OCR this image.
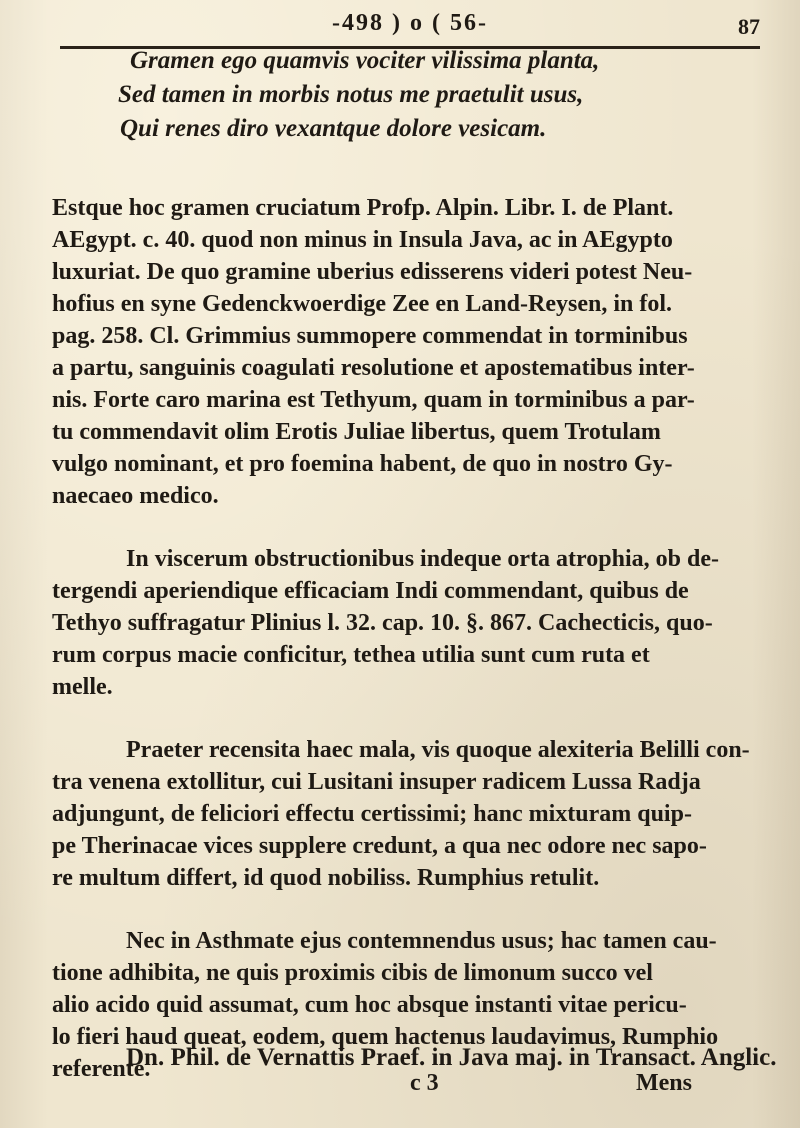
-498 ) o ( 56-	87
Gramen ego quamvis vociter vilissima planta,
Sed tamen in morbis notus me praetulit usus,
Qui renes diro vexantque dolore vesicam.
Estque hoc gramen cruciatum Profp. Alpin. Libr. I. de Plant.
AEgypt. c. 40. quod non minus in Insula Java, ac in AEgypto
luxuriat. De quo gramine uberius edisserens videri potest Neu-
hofius en syne Gedenckwoerdige Zee en Land-Reysen, in fol.
pag. 258. Cl. Grimmius summopere commendat in torminibus
a partu, sanguinis coagulati resolutione et apostematibus inter-
nis. Forte caro marina est Tethyum, quam in torminibus a par-
tu commendavit olim Erotis Juliae libertus, quem Trotulam
vulgo nominant, et pro foemina habent, de quo in nostro Gy-
naecaeo medico.
In viscerum obstructionibus indeque orta atrophia, ob de-
tergendi aperiendique efficaciam Indi commendant, quibus de
Tethyo suffragatur Plinius l. 32. cap. 10. §. 867. Cachecticis, quo-
rum corpus macie conficitur, tethea utilia sunt cum ruta et
melle.
Praeter recensita haec mala, vis quoque alexiteria Belilli con-
tra venena extollitur, cui Lusitani insuper radicem Lussa Radja
adjungunt, de feliciori effectu certissimi; hanc mixturam quip-
pe Therinacae vices supplere credunt, a qua nec odore nec sapo-
re multum differt, id quod nobiliss. Rumphius retulit.
Nec in Asthmate ejus contemnendus usus; hac tamen cau-
tione adhibita, ne quis proximis cibis de limonum succo vel
alio acido quid assumat, cum hoc absque instanti vitae pericu-
lo fieri haud queat, eodem, quem hactenus laudavimus, Rumphio
referente.
Dn. Phil. de Vernattis Praef. in Java maj. in Transact. Anglic.
c 3	Mens
